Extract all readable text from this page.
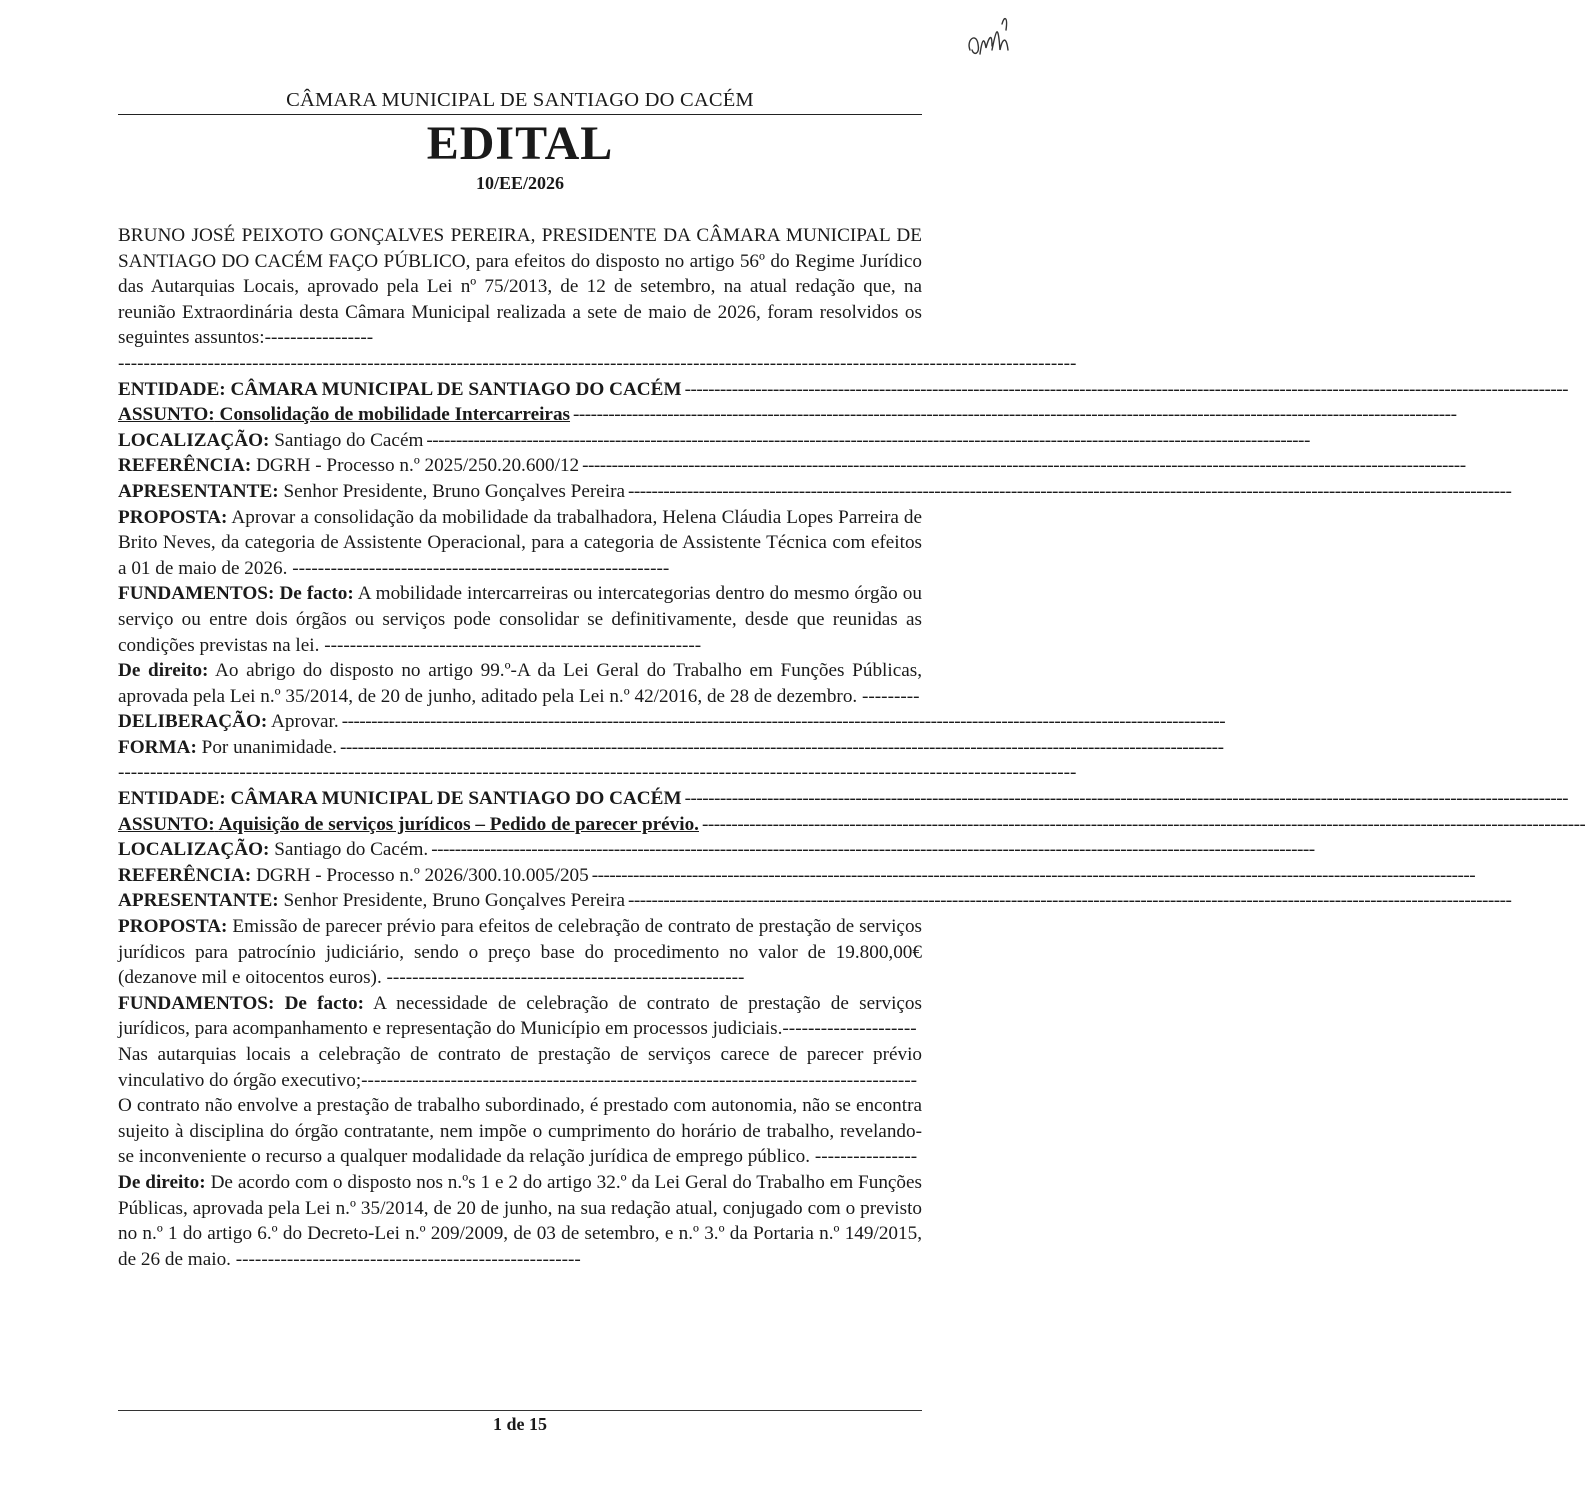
CÂMARA MUNICIPAL DE SANTIAGO DO CACÉM
EDITAL
10/EE/2026
BRUNO JOSÉ PEIXOTO GONÇALVES PEREIRA, PRESIDENTE DA CÂMARA MUNICIPAL DE SANTIAGO DO CACÉM FAÇO PÚBLICO, para efeitos do disposto no artigo 56º do Regime Jurídico das Autarquias Locais, aprovado pela Lei nº 75/2013, de 12 de setembro, na atual redação que, na reunião Extraordinária desta Câmara Municipal realizada a sete de maio de 2026, foram resolvidos os seguintes assuntos:-----------------
------------------------------------------------------------------------------------------------------------------------------------------------------
ENTIDADE: CÂMARA MUNICIPAL DE SANTIAGO DO CACÉM ------------------------------------------------------------------------------------------------------------------------------------------------------
ASSUNTO: Consolidação de mobilidade Intercarreiras ------------------------------------------------------------------------------------------------------------------------------------------------------
LOCALIZAÇÃO: Santiago do Cacém ------------------------------------------------------------------------------------------------------------------------------------------------------
REFERÊNCIA: DGRH - Processo n.º 2025/250.20.600/12 ------------------------------------------------------------------------------------------------------------------------------------------------------
APRESENTANTE: Senhor Presidente, Bruno Gonçalves Pereira ------------------------------------------------------------------------------------------------------------------------------------------------------
PROPOSTA: Aprovar a consolidação da mobilidade da trabalhadora, Helena Cláudia Lopes Parreira de Brito Neves, da categoria de Assistente Operacional, para a categoria de Assistente Técnica com efeitos a 01 de maio de 2026. -----------------------------------------------------------
FUNDAMENTOS: De facto: A mobilidade intercarreiras ou intercategorias dentro do mesmo órgão ou serviço ou entre dois órgãos ou serviços pode consolidar se definitivamente, desde que reunidas as condições previstas na lei. -----------------------------------------------------------
De direito: Ao abrigo do disposto no artigo 99.º-A da Lei Geral do Trabalho em Funções Públicas, aprovada pela Lei n.º 35/2014, de 20 de junho, aditado pela Lei n.º 42/2016, de 28 de dezembro. ---------
DELIBERAÇÃO: Aprovar. ------------------------------------------------------------------------------------------------------------------------------------------------------
FORMA: Por unanimidade. ------------------------------------------------------------------------------------------------------------------------------------------------------
------------------------------------------------------------------------------------------------------------------------------------------------------
ENTIDADE: CÂMARA MUNICIPAL DE SANTIAGO DO CACÉM ------------------------------------------------------------------------------------------------------------------------------------------------------
ASSUNTO: Aquisição de serviços jurídicos – Pedido de parecer prévio. ------------------------------------------------------------------------------------------------------------------------------------------------------
LOCALIZAÇÃO: Santiago do Cacém. ------------------------------------------------------------------------------------------------------------------------------------------------------
REFERÊNCIA: DGRH - Processo n.º 2026/300.10.005/205 ------------------------------------------------------------------------------------------------------------------------------------------------------
APRESENTANTE: Senhor Presidente, Bruno Gonçalves Pereira ------------------------------------------------------------------------------------------------------------------------------------------------------
PROPOSTA: Emissão de parecer prévio para efeitos de celebração de contrato de prestação de serviços jurídicos para patrocínio judiciário, sendo o preço base do procedimento no valor de 19.800,00€ (dezanove mil e oitocentos euros). --------------------------------------------------------
FUNDAMENTOS: De facto: A necessidade de celebração de contrato de prestação de serviços jurídicos, para acompanhamento e representação do Município em processos judiciais.---------------------
Nas autarquias locais a celebração de contrato de prestação de serviços carece de parecer prévio vinculativo do órgão executivo;---------------------------------------------------------------------------------------
O contrato não envolve a prestação de trabalho subordinado, é prestado com autonomia, não se encontra sujeito à disciplina do órgão contratante, nem impõe o cumprimento do horário de trabalho, revelando-se inconveniente o recurso a qualquer modalidade da relação jurídica de emprego público. ----------------
De direito: De acordo com o disposto nos n.ºs 1 e 2 do artigo 32.º da Lei Geral do Trabalho em Funções Públicas, aprovada pela Lei n.º 35/2014, de 20 de junho, na sua redação atual, conjugado com o previsto no n.º 1 do artigo 6.º do Decreto-Lei n.º 209/2009, de 03 de setembro, e n.º 3.º da Portaria n.º 149/2015, de 26 de maio. ------------------------------------------------------
1 de 15
